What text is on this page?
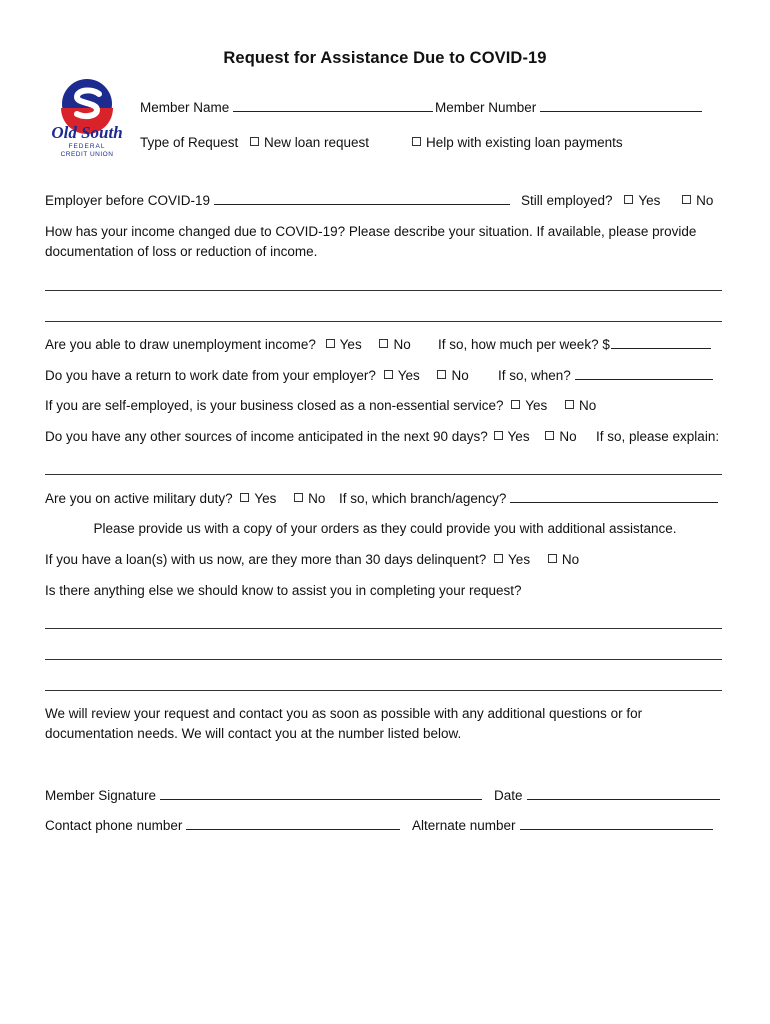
Request for Assistance Due to COVID-19
Old South
FEDERAL
CREDIT UNION
Member Name	Member Number
Type of Request	New loan request	Help with existing loan payments
Employer before COVID-19	Still employed? Yes	No
How has your income changed due to COVID-19? Please describe your situation. If available, please provide
documentation of loss or reduction of income.
Are you able to draw unemployment income? Yes No If so, how much per week? $
Do you have a return to work date from your employer? Yes No If so, when?
If you are self-employed, is your business closed as a non-essential service? Yes No
Do you have any other sources of income anticipated in the next 90 days? Yes No If so, please explain:
Are you on active military duty? Yes No If so, which branch/agency?
Please provide us with a copy of your orders as they could provide you with additional assistance.
If you have a loan(s) with us now, are they more than 30 days delinquent? Yes No
Is there anything else we should know to assist you in completing your request?
We will review your request and contact you as soon as possible with any additional questions or for
documentation needs. We will contact you at the number listed below.
Member Signature	Date
Contact phone number	Alternate number
